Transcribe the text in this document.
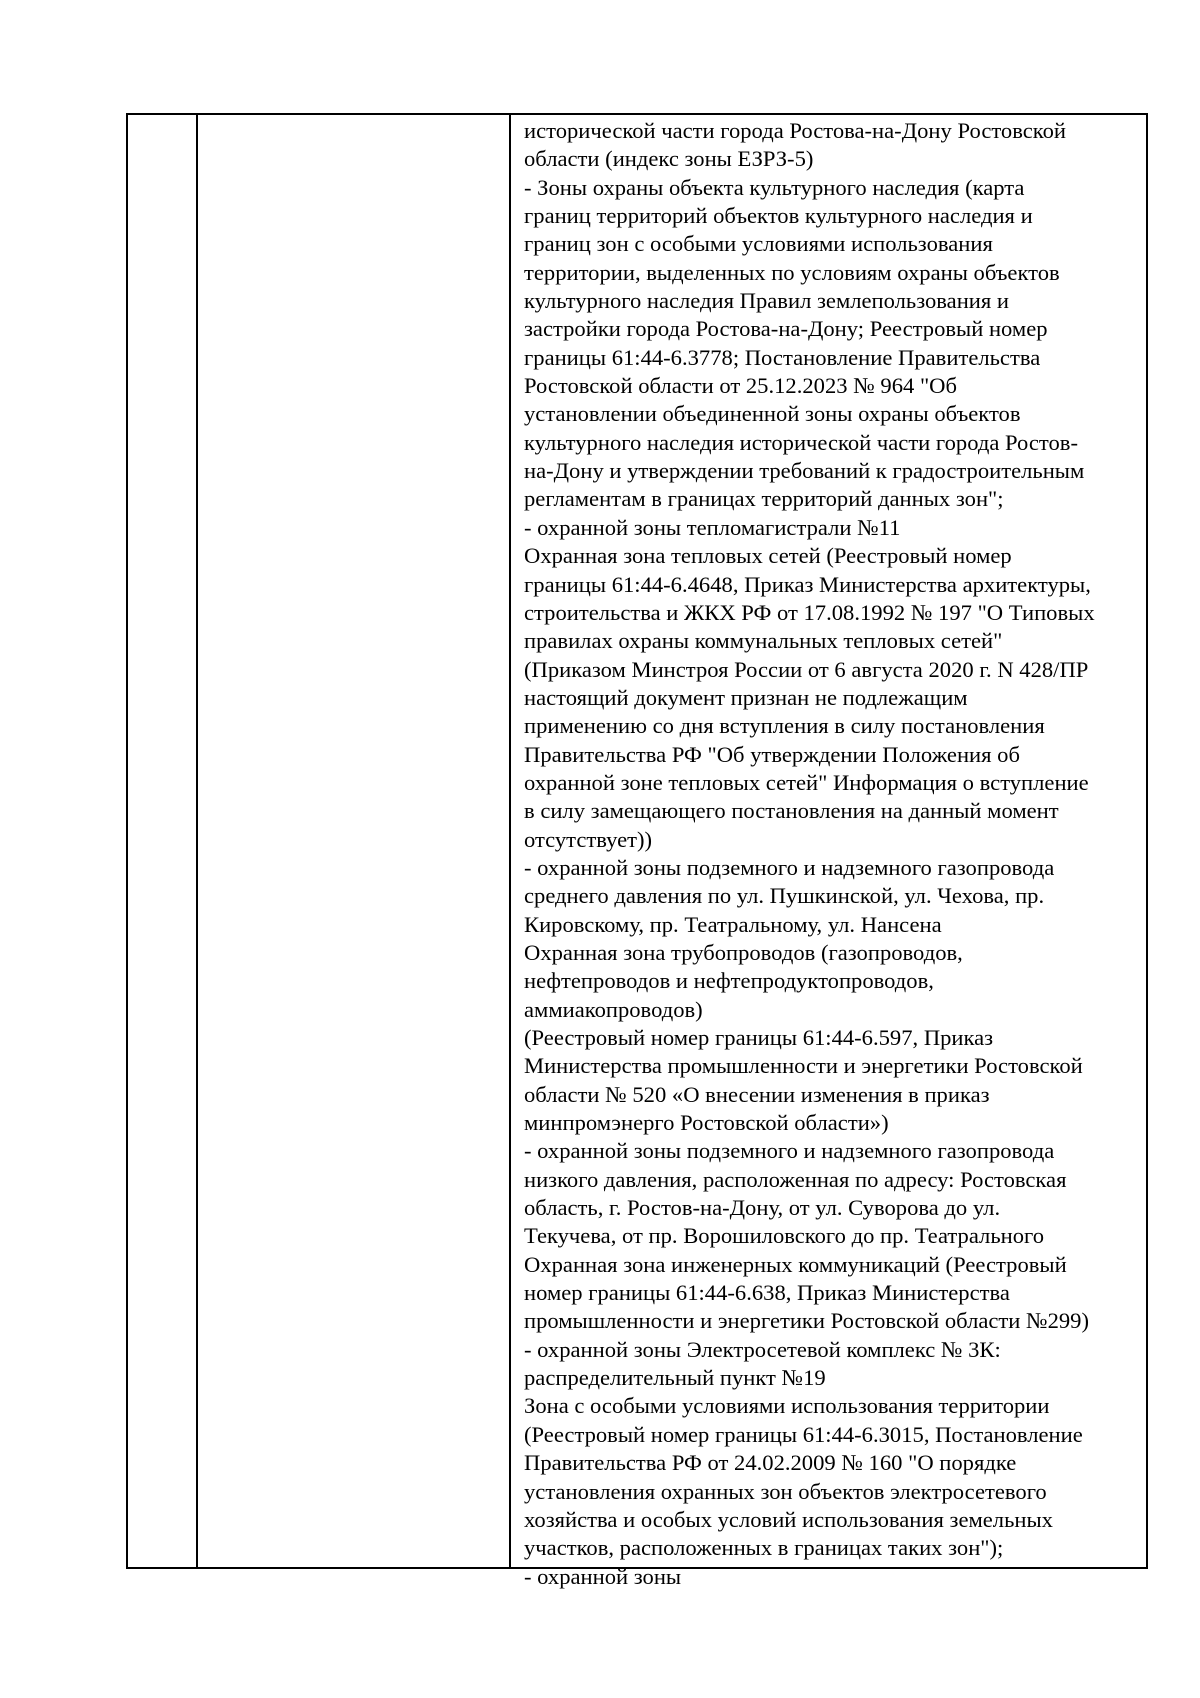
исторической части города Ростова-на-Дону Ростовской
области (индекс зоны ЕЗРЗ-5)
- Зоны охраны объекта культурного наследия (карта
границ территорий объектов культурного наследия и
границ зон с особыми условиями использования
территории, выделенных по условиям охраны объектов
культурного наследия Правил землепользования и
застройки города Ростова-на-Дону; Реестровый номер
границы 61:44-6.3778; Постановление Правительства
Ростовской области от 25.12.2023 № 964 "Об
установлении объединенной зоны охраны объектов
культурного наследия исторической части города Ростов-
на-Дону и утверждении требований к градостроительным
регламентам в границах территорий данных зон";
- охранной зоны тепломагистрали №11
Охранная зона тепловых сетей (Реестровый номер
границы 61:44-6.4648, Приказ Министерства архитектуры,
строительства и ЖКХ РФ от 17.08.1992 № 197 "О Типовых
правилах охраны коммунальных тепловых сетей"
(Приказом Минстроя России от 6 августа 2020 г. N 428/ПР
настоящий документ признан не подлежащим
применению со дня вступления в силу постановления
Правительства РФ "Об утверждении Положения об
охранной зоне тепловых сетей" Информация о вступление
в силу замещающего постановления на данный момент
отсутствует))
- охранной зоны подземного и надземного газопровода
среднего давления по ул. Пушкинской, ул. Чехова, пр.
Кировскому, пр. Театральному, ул. Нансена
Охранная зона трубопроводов (газопроводов,
нефтепроводов и нефтепродуктопроводов,
аммиакопроводов)
(Реестровый номер границы 61:44-6.597, Приказ
Министерства промышленности и энергетики Ростовской
области № 520 «О внесении изменения в приказ
минпромэнерго Ростовской области»)
- охранной зоны подземного и надземного газопровода
низкого давления, расположенная по адресу: Ростовская
область, г. Ростов-на-Дону, от ул. Суворова до ул.
Текучева, от пр. Ворошиловского до пр. Театрального
Охранная зона инженерных коммуникаций (Реестровый
номер границы 61:44-6.638, Приказ Министерства
промышленности и энергетики Ростовской области №299)
- охранной зоны Электросетевой комплекс № 3К:
распределительный пункт №19
Зона с особыми условиями использования территории
(Реестровый номер границы 61:44-6.3015, Постановление
Правительства РФ от 24.02.2009 № 160 "О порядке
установления охранных зон объектов электросетевого
хозяйства и особых условий использования земельных
участков, расположенных в границах таких зон");
- охранной зоны
